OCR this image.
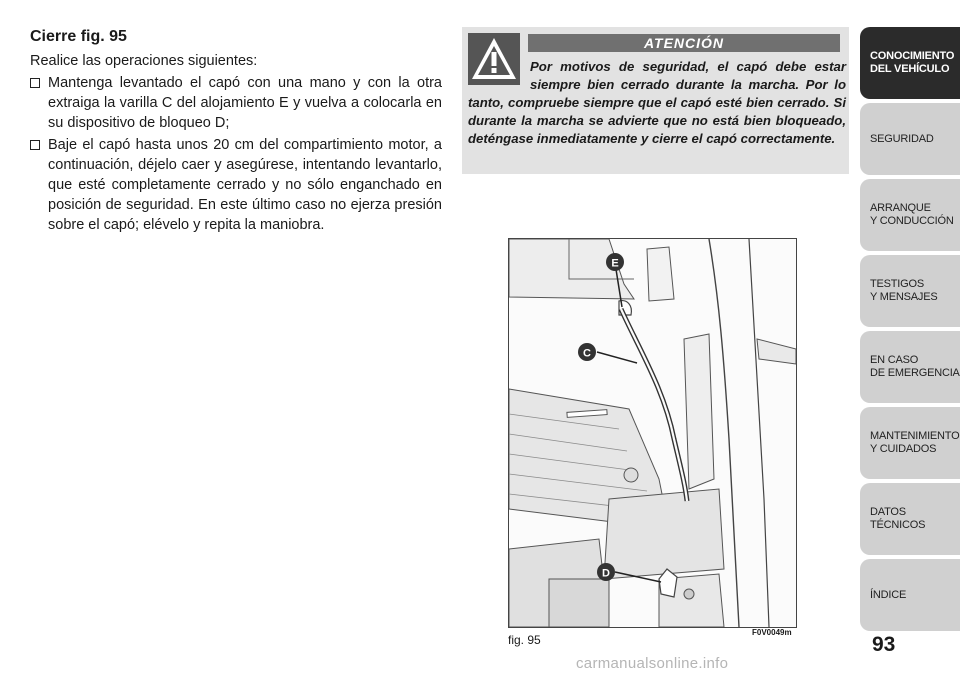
Cierre fig. 95

Realice las operaciones siguientes:

Mantenga levantado el capó con una mano y con la otra extraiga la varilla C del alojamiento E y vuelva a colocarla en su dispositivo de bloqueo D;
Baje el capó hasta unos 20 cm del compartimiento motor, a continuación, déjelo caer y asegúrese, intentando levantarlo, que esté completamente cerrado y no sólo enganchado en posición de seguridad. En este último caso no ejerza presión sobre el capó; elévelo y repita la maniobra.
ATENCIÓN
Por motivos de seguridad, el capó debe estar siempre bien cerrado durante la marcha. Por lo tanto, compruebe siempre que el capó esté bien cerrado. Si durante la marcha se advierte que no está bien bloqueado, deténgase inmediatamente y cierre el capó correctamente.
E
C
D
fig. 95
F0V0049m
CONOCIMIENTO
DEL VEHÍCULO
SEGURIDAD
ARRANQUE
Y CONDUCCIÓN
TESTIGOS
Y MENSAJES
EN CASO
DE EMERGENCIA
MANTENIMIENTO
Y CUIDADOS
DATOS TÉCNICOS
ÍNDICE
93
carmanualsonline.info
